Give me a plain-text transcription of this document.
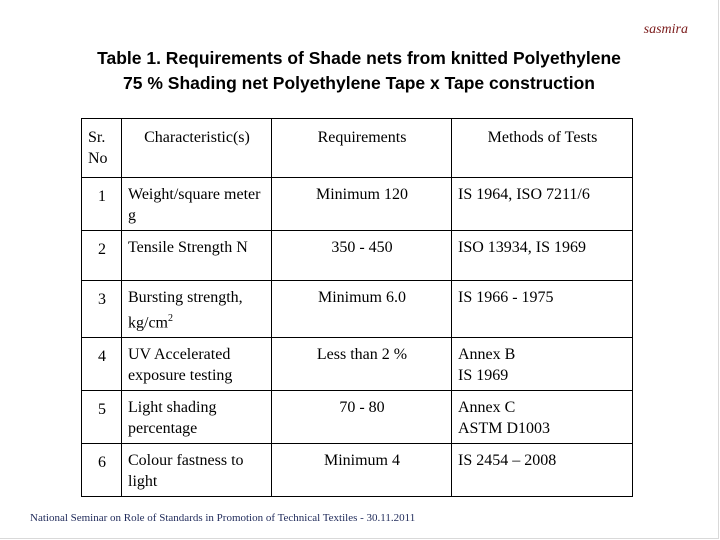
sasmira
Table 1. Requirements of Shade nets from knitted Polyethylene
75 % Shading net Polyethylene Tape x Tape construction
Sr. No	Characteristic(s)	Requirements	Methods of Tests
1	Weight/square meter g	Minimum 120	IS 1964, ISO 7211/6
2	Tensile Strength N	350 - 450	ISO 13934, IS 1969
3	Bursting strength, $kg/cm^2$	Minimum 6.0	IS 1966 - 1975
4	UV Accelerated exposure testing	Less than 2 %	Annex B
IS 1969

5	Light shading percentage	70 - 80	Annex C
ASTM D1003

6	Colour fastness to light	Minimum 4	IS 2454 – 2008
National Seminar on Role of Standards in Promotion of Technical Textiles - 30.11.2011
